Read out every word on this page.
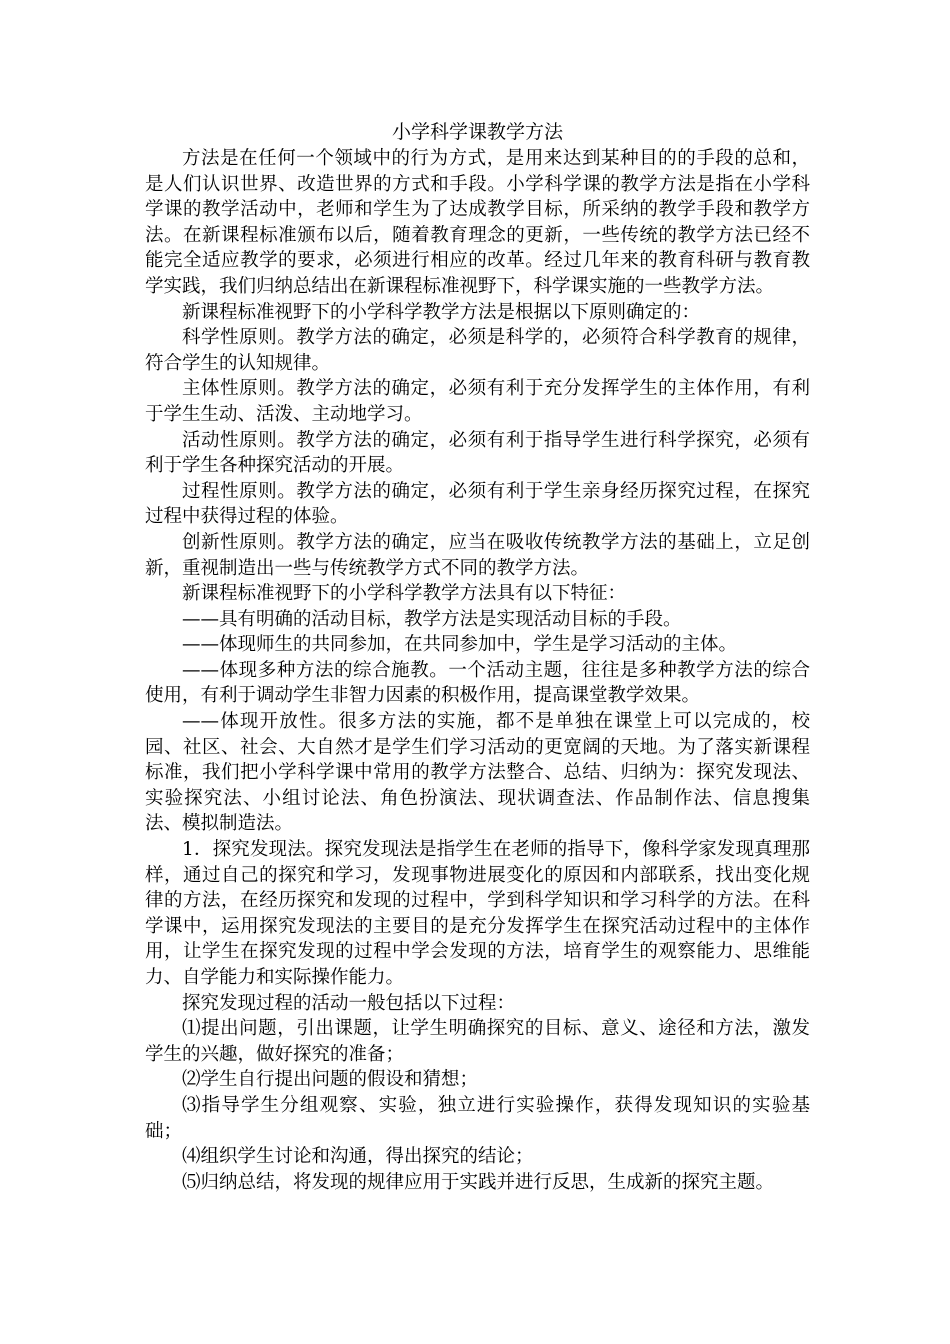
小学科学课教学方法

方法是在任何一个领域中的行为方式，是用来达到某种目的的手段的总和，是人们认识世界、改造世界的方式和手段。小学科学课的教学方法是指在小学科学课的教学活动中，老师和学生为了达成教学目标，所采纳的教学手段和教学方法。在新课程标准颁布以后，随着教育理念的更新，一些传统的教学方法已经不能完全适应教学的要求，必须进行相应的改革。经过几年来的教育科研与教育教学实践，我们归纳总结出在新课程标准视野下，科学课实施的一些教学方法。

新课程标准视野下的小学科学教学方法是根据以下原则确定的：

科学性原则。教学方法的确定，必须是科学的，必须符合科学教育的规律，符合学生的认知规律。

主体性原则。教学方法的确定，必须有利于充分发挥学生的主体作用，有利于学生生动、活泼、主动地学习。

活动性原则。教学方法的确定，必须有利于指导学生进行科学探究，必须有利于学生各种探究活动的开展。

过程性原则。教学方法的确定，必须有利于学生亲身经历探究过程，在探究过程中获得过程的体验。

创新性原则。教学方法的确定，应当在吸收传统教学方法的基础上，立足创新，重视制造出一些与传统教学方式不同的教学方法。

新课程标准视野下的小学科学教学方法具有以下特征：

——具有明确的活动目标，教学方法是实现活动目标的手段。

——体现师生的共同参加，在共同参加中，学生是学习活动的主体。

——体现多种方法的综合施教。一个活动主题，往往是多种教学方法的综合使用，有利于调动学生非智力因素的积极作用，提高课堂教学效果。

——体现开放性。很多方法的实施，都不是单独在课堂上可以完成的，校园、社区、社会、大自然才是学生们学习活动的更宽阔的天地。为了落实新课程标准，我们把小学科学课中常用的教学方法整合、总结、归纳为：探究发现法、实验探究法、小组讨论法、角色扮演法、现状调查法、作品制作法、信息搜集法、模拟制造法。

1．探究发现法。探究发现法是指学生在老师的指导下，像科学家发现真理那样，通过自己的探究和学习，发现事物进展变化的原因和内部联系，找出变化规律的方法，在经历探究和发现的过程中，学到科学知识和学习科学的方法。在科学课中，运用探究发现法的主要目的是充分发挥学生在探究活动过程中的主体作用，让学生在探究发现的过程中学会发现的方法，培育学生的观察能力、思维能力、自学能力和实际操作能力。

探究发现过程的活动一般包括以下过程：

⑴提出问题，引出课题，让学生明确探究的目标、意义、途径和方法，激发学生的兴趣，做好探究的准备；

⑵学生自行提出问题的假设和猜想；

⑶指导学生分组观察、实验，独立进行实验操作，获得发现知识的实验基础；

⑷组织学生讨论和沟通，得出探究的结论；

⑸归纳总结，将发现的规律应用于实践并进行反思，生成新的探究主题。
